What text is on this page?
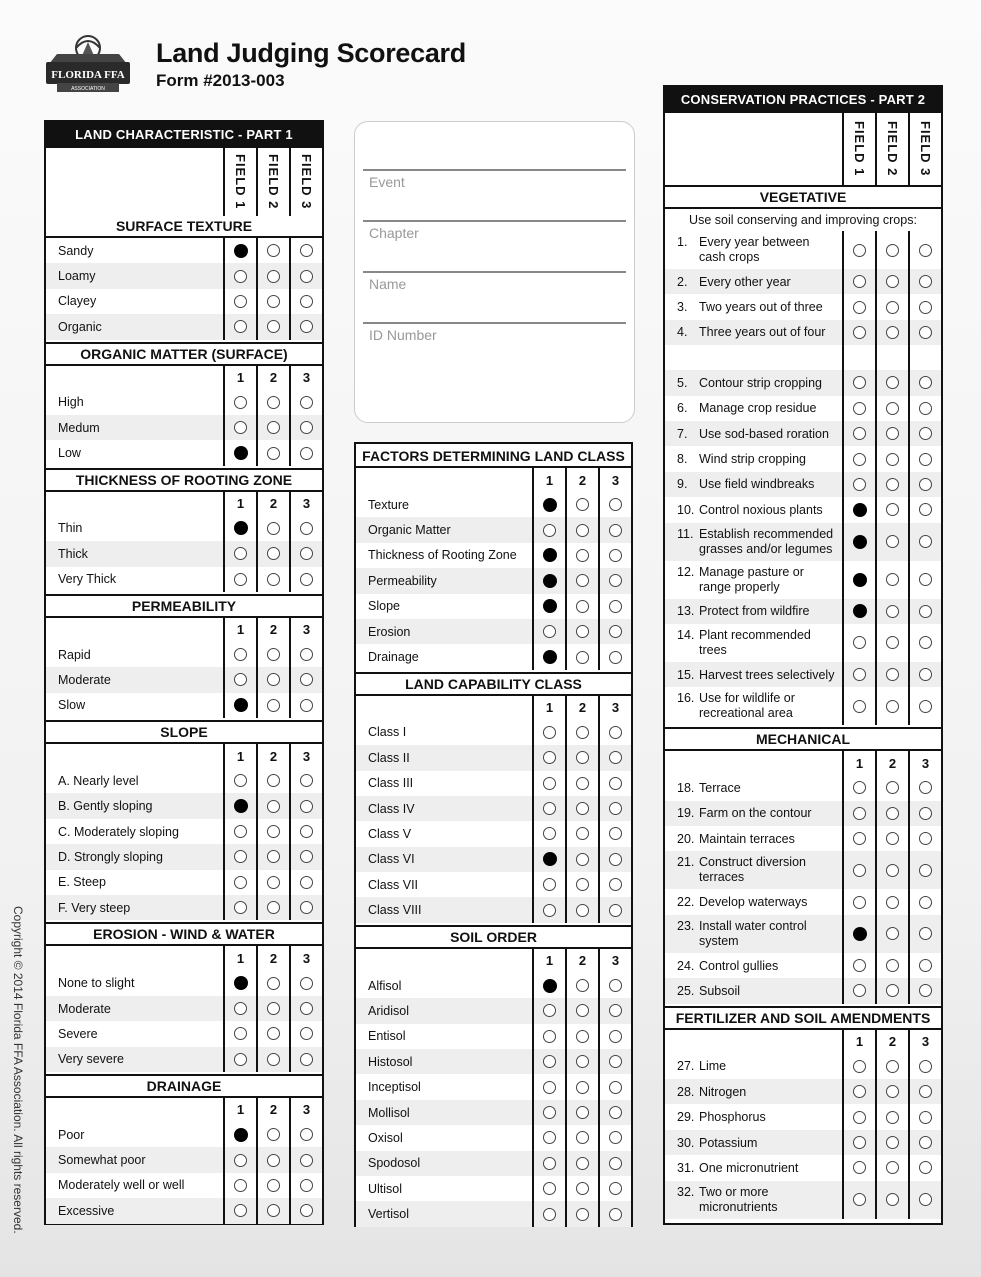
FLORIDA FFA
ASSOCIATION
Land Judging Scorecard
Form #2013-003
Copyright © 2014 Florida FFA Association. All rights reserved.
LAND CHARACTERISTIC - PART 1
FIELD 1 FIELD 2 FIELD 3
SURFACE TEXTURE
Sandy
Loamy
Clayey
Organic
ORGANIC MATTER (SURFACE)
1	2	3
High
Medum
Low
THICKNESS OF ROOTING ZONE
1	2	3
Thin
Thick
Very Thick
PERMEABILITY
1	2	3
Rapid
Moderate
Slow
SLOPE
1	2	3
A. Nearly level
B. Gently sloping
C. Moderately sloping
D. Strongly sloping
E. Steep
F. Very steep
EROSION - WIND & WATER
1	2	3
None to slight
Moderate
Severe
Very severe
DRAINAGE
1	2	3
Poor
Somewhat poor
Moderately well or well
Excessive
Event
Chapter
Name
ID Number
FACTORS DETERMINING LAND CLASS
1	2	3
Texture
Organic Matter
Thickness of Rooting Zone
Permeability
Slope
Erosion
Drainage
LAND CAPABILITY CLASS
1	2	3
Class I
Class II
Class III
Class IV
Class V
Class VI
Class VII
Class VIII
SOIL ORDER
1	2	3
Alfisol
Aridisol
Entisol
Histosol
Inceptisol
Mollisol
Oxisol
Spodosol
Ultisol
Vertisol
CONSERVATION PRACTICES - PART 2
FIELD 1 FIELD 2 FIELD 3
VEGETATIVE
Use soil conserving and improving crops:
1. Every year between cash crops
2. Every other year
3. Two years out of three
4. Three years out of four
5. Contour strip cropping
6. Manage crop residue
7. Use sod-based roration
8. Wind strip cropping
9. Use field windbreaks
10. Control noxious plants
11. Establish recommended grasses and/or legumes
12. Manage pasture or range properly
13. Protect from wildfire
14. Plant recommended trees
15. Harvest trees selectively
16. Use for wildlife or recreational area
MECHANICAL
1	2	3
18. Terrace
19. Farm on the contour
20. Maintain terraces
21. Construct diversion terraces
22. Develop waterways
23. Install water control system
24. Control gullies
25. Subsoil
FERTILIZER AND SOIL AMENDMENTS
1	2	3
27. Lime
28. Nitrogen
29. Phosphorus
30. Potassium
31. One micronutrient
32. Two or more micronutrients
